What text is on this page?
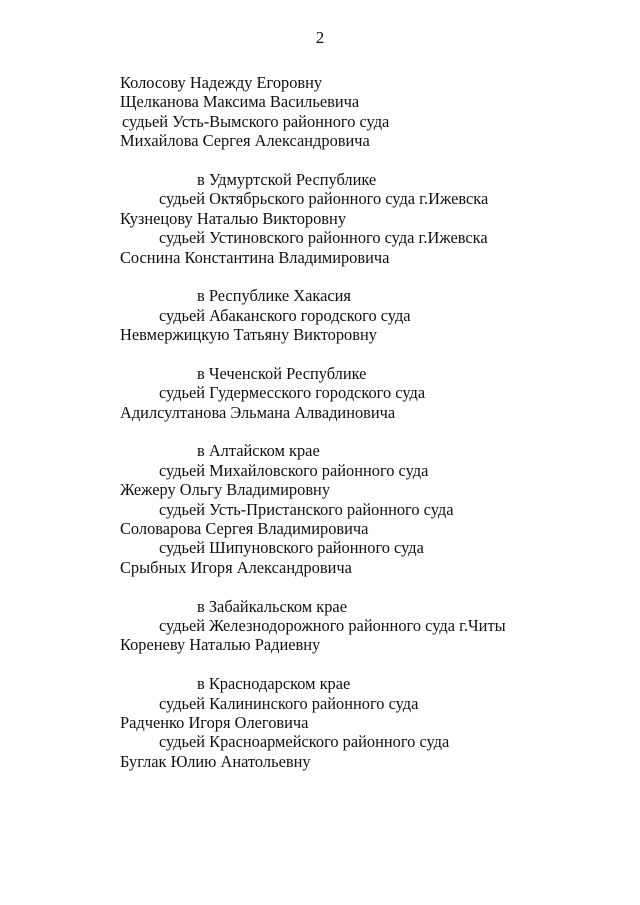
2
Колосову Надежду Егоровну
Щелканова Максима Васильевича
судьей Усть-Вымского районного суда
Михайлова Сергея Александровича
в Удмуртской Республике
судьей Октябрьского районного суда г.Ижевска
Кузнецову Наталью Викторовну
судьей Устиновского районного суда г.Ижевска
Соснина Константина Владимировича
в Республике Хакасия
судьей Абаканского городского суда
Невмержицкую Татьяну Викторовну
в Чеченской Республике
судьей Гудермесского городского суда
Адилсултанова Эльмана Алвадиновича
в Алтайском крае
судьей Михайловского районного суда
Жежеру Ольгу Владимировну
судьей Усть-Пристанского районного суда
Соловарова Сергея Владимировича
судьей Шипуновского районного суда
Срыбных Игоря Александровича
в Забайкальском крае
судьей Железнодорожного районного суда г.Читы
Кореневу Наталью Радиевну
в Краснодарском крае
судьей Калининского районного суда
Радченко Игоря Олеговича
судьей Красноармейского районного суда
Буглак Юлию Анатольевну
